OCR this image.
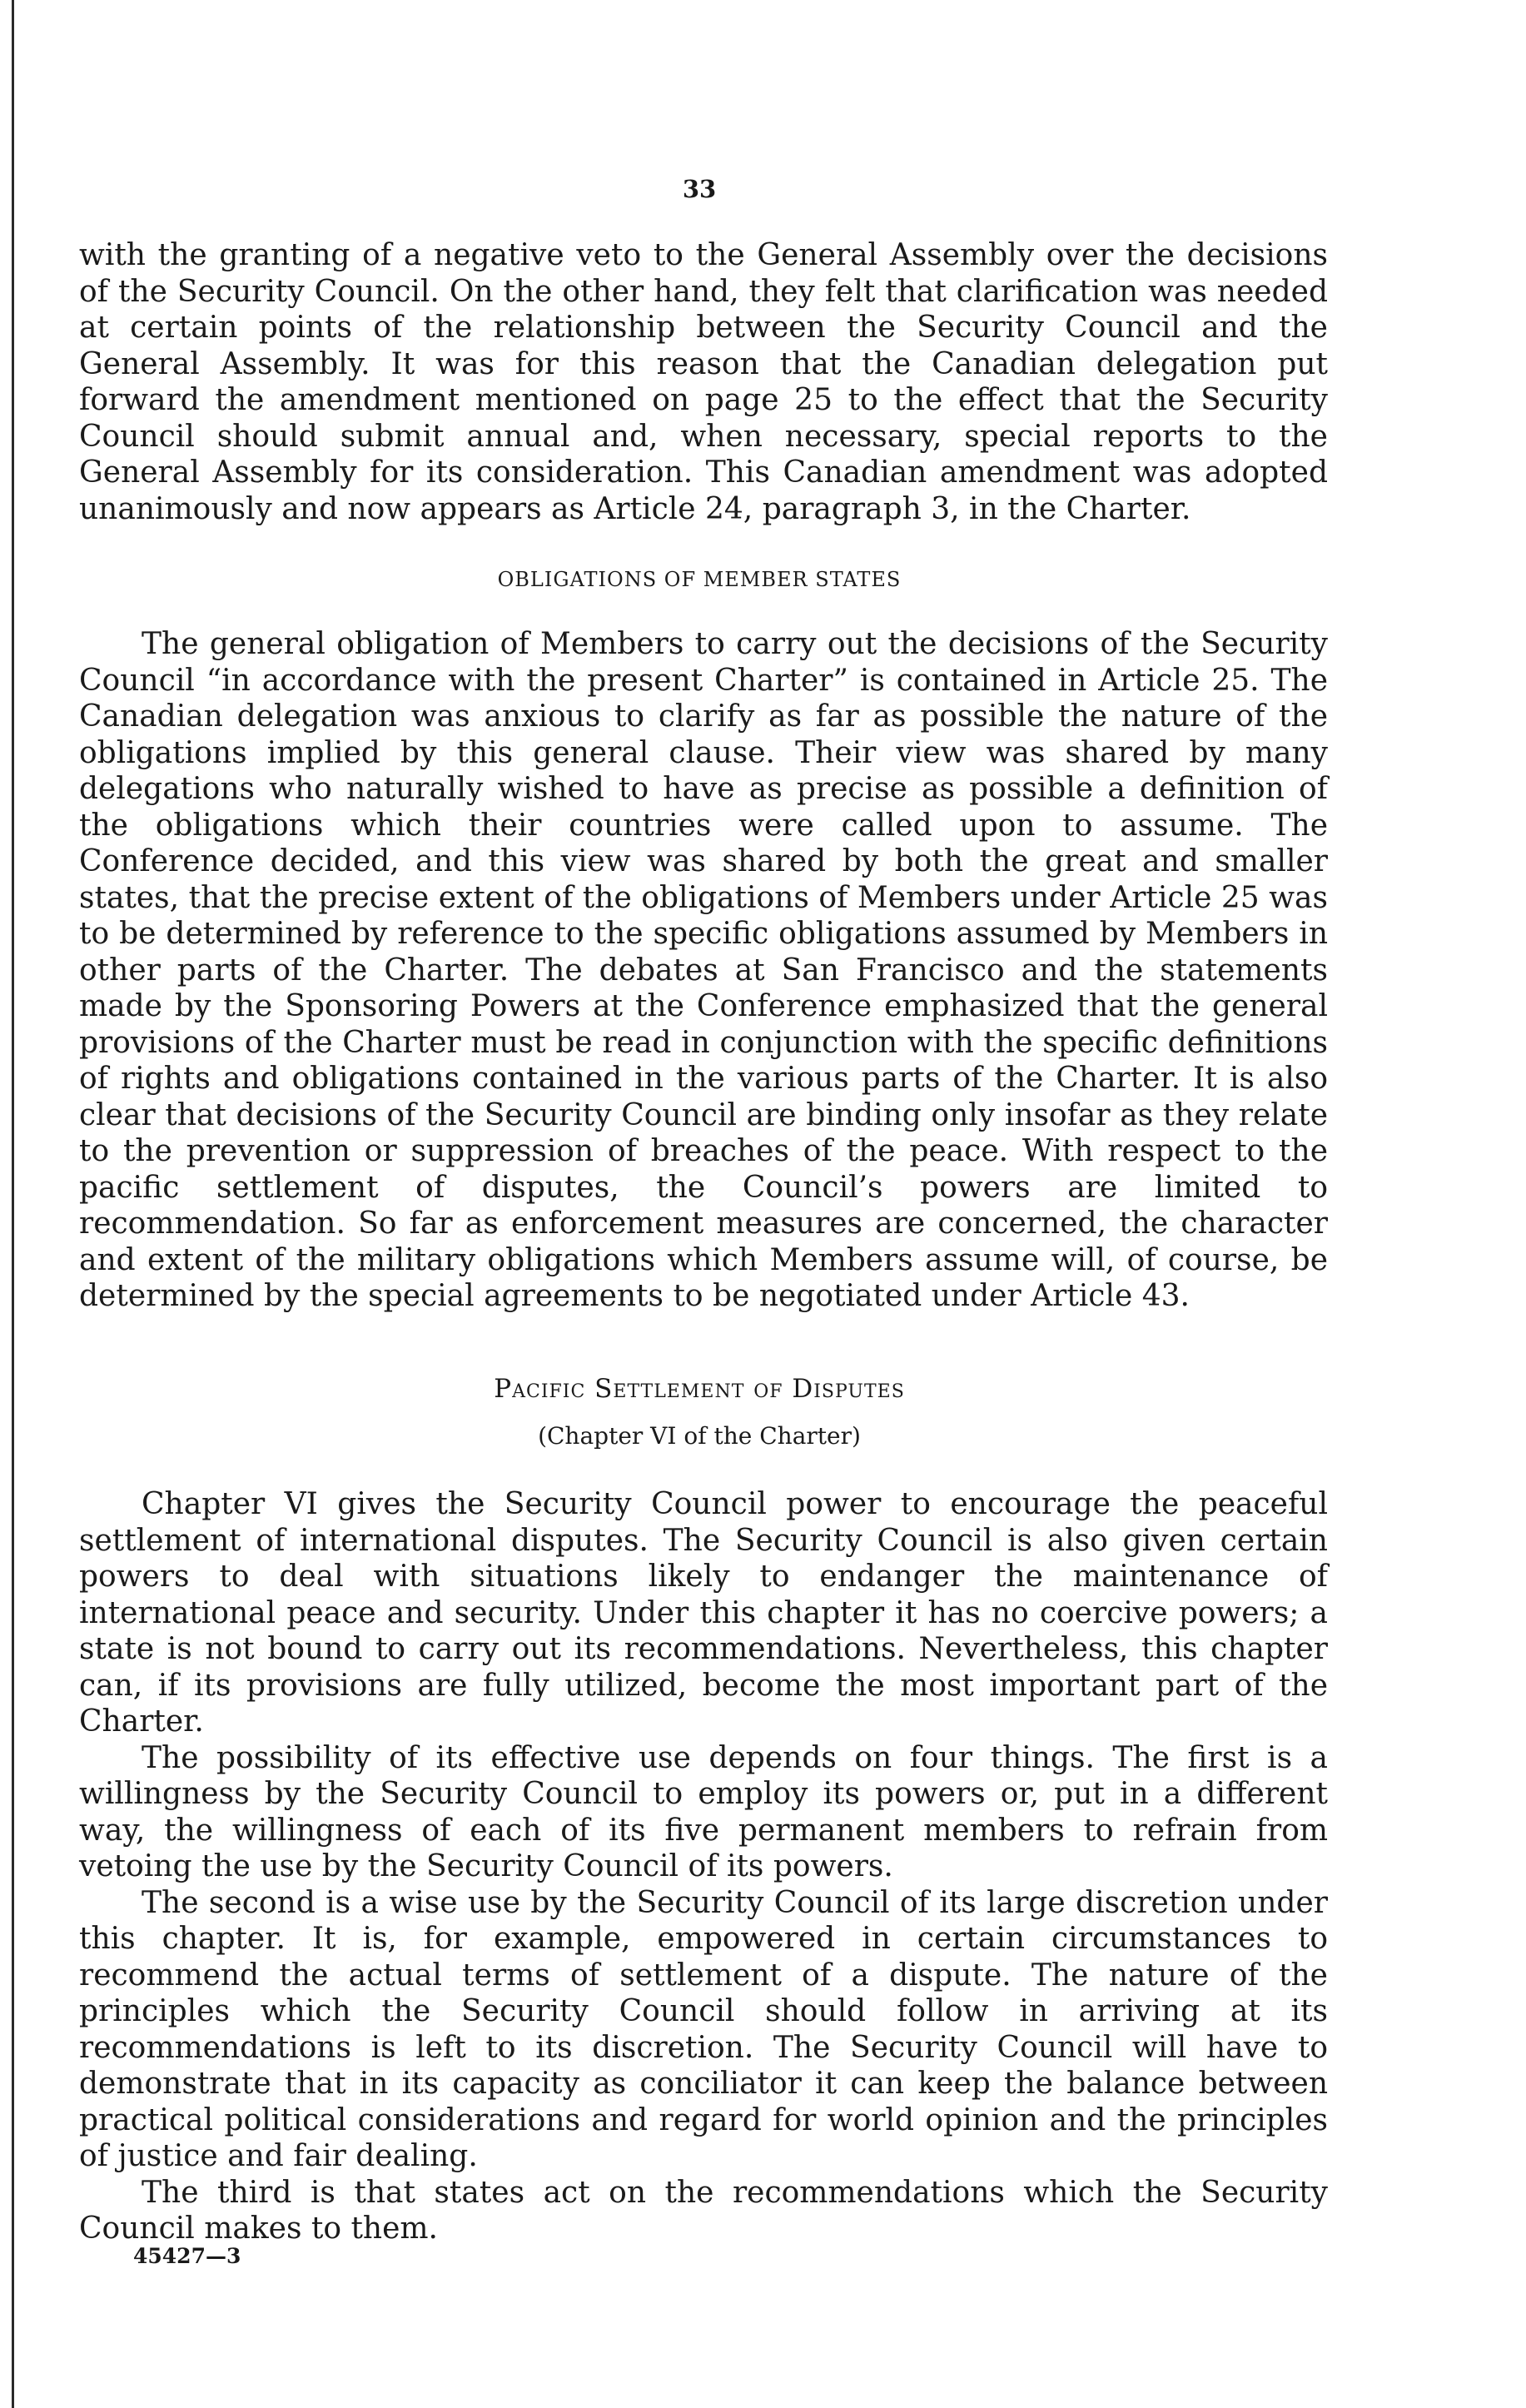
33

with the granting of a negative veto to the General Assembly over the decisions of the Security Council. On the other hand, they felt that clarification was needed at certain points of the relationship between the Security Council and the General Assembly. It was for this reason that the Canadian delegation put forward the amendment mentioned on page 25 to the effect that the Security Council should submit annual and, when necessary, special reports to the General Assembly for its consideration. This Canadian amendment was adopted unanimously and now appears as Article 24, paragraph 3, in the Charter.

OBLIGATIONS OF MEMBER STATES

The general obligation of Members to carry out the decisions of the Security Council “in accordance with the present Charter” is contained in Article 25. The Canadian delegation was anxious to clarify as far as possible the nature of the obligations implied by this general clause. Their view was shared by many delegations who naturally wished to have as precise as possible a definition of the obligations which their countries were called upon to assume. The Conference decided, and this view was shared by both the great and smaller states, that the precise extent of the obligations of Members under Article 25 was to be determined by reference to the specific obligations assumed by Members in other parts of the Charter. The debates at San Francisco and the statements made by the Sponsoring Powers at the Conference emphasized that the general provisions of the Charter must be read in conjunction with the specific definitions of rights and obligations contained in the various parts of the Charter. It is also clear that decisions of the Security Council are binding only insofar as they relate to the prevention or suppression of breaches of the peace. With respect to the pacific settlement of disputes, the Council’s powers are limited to recommendation. So far as enforcement measures are concerned, the character and extent of the military obligations which Members assume will, of course, be determined by the special agreements to be negotiated under Article 43.

Pacific Settlement of Disputes

(Chapter VI of the Charter)

Chapter VI gives the Security Council power to encourage the peaceful settlement of international disputes. The Security Council is also given certain powers to deal with situations likely to endanger the maintenance of international peace and security. Under this chapter it has no coercive powers; a state is not bound to carry out its recommendations. Nevertheless, this chapter can, if its provisions are fully utilized, become the most important part of the Charter.

The possibility of its effective use depends on four things. The first is a willingness by the Security Council to employ its powers or, put in a different way, the willingness of each of its five permanent members to refrain from vetoing the use by the Security Council of its powers.

The second is a wise use by the Security Council of its large discretion under this chapter. It is, for example, empowered in certain circumstances to recommend the actual terms of settlement of a dispute. The nature of the principles which the Security Council should follow in arriving at its recommendations is left to its discretion. The Security Council will have to demonstrate that in its capacity as conciliator it can keep the balance between practical political considerations and regard for world opinion and the principles of justice and fair dealing.

The third is that states act on the recommendations which the Security Council makes to them.

45427—3
